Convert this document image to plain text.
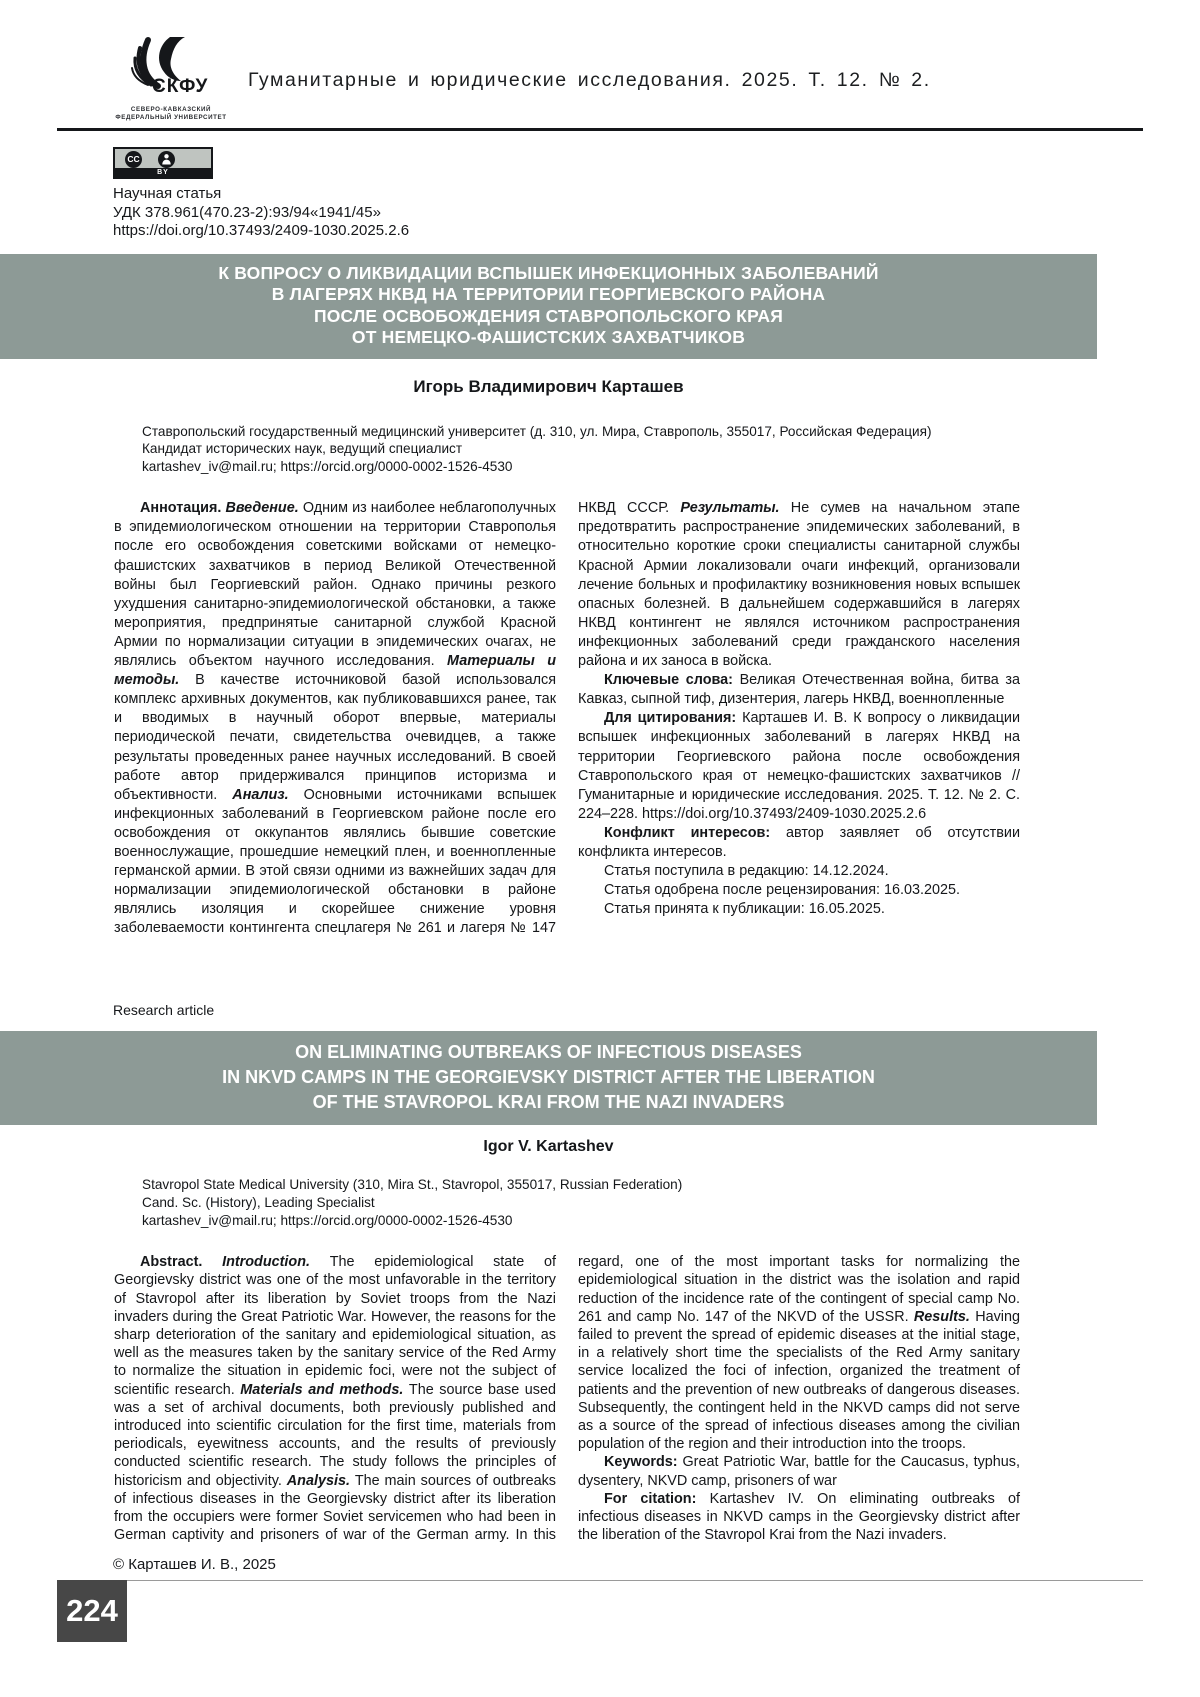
СКФУ
СЕВЕРО-КАВКАЗСКИЙ
ФЕДЕРАЛЬНЫЙ УНИВЕРСИТЕТ
Гуманитарные и юридические исследования. 2025. Т. 12. № 2.
CC
BY

Научная статья

УДК 378.961(470.23-2):93/94«1941/45»

https://doi.org/10.37493/2409-1030.2025.2.6

К ВОПРОСУ О ЛИКВИДАЦИИ ВСПЫШЕК ИНФЕКЦИОННЫХ ЗАБОЛЕВАНИЙ
В ЛАГЕРЯХ НКВД НА ТЕРРИТОРИИ ГЕОРГИЕВСКОГО РАЙОНА
ПОСЛЕ ОСВОБОЖДЕНИЯ СТАВРОПОЛЬСКОГО КРАЯ
ОТ НЕМЕЦКО-ФАШИСТСКИХ ЗАХВАТЧИКОВ
Игорь Владимирович Карташев

Ставропольский государственный медицинский университет (д. 310, ул. Мира, Ставрополь, 355017, Российская Федерация)

Кандидат исторических наук, ведущий специалист

kartashev_iv@mail.ru; https://orcid.org/0000-0002-1526-4530

Аннотация. Введение. Одним из наиболее неблагополучных в эпидемиологическом отношении на территории Ставрополья после его освобождения советскими войсками от немецко-фашистских захватчиков в период Великой Отечественной войны был Георгиевский район. Однако причины резкого ухудшения санитарно-эпидемиологической обстановки, а также мероприятия, предпринятые санитарной службой Красной Армии по нормализации ситуации в эпидемических очагах, не являлись объектом научного исследования. Материалы и методы. В качестве источниковой базой использовался комплекс архивных документов, как публиковавшихся ранее, так и вводимых в научный оборот впервые, материалы периодической печати, свидетельства очевидцев, а также результаты проведенных ранее научных исследований. В своей работе автор придерживался принципов историзма и объективности. Анализ. Основными источниками вспышек инфекционных заболеваний в Георгиевском районе после его освобождения от оккупантов являлись бывшие советские военнослужащие, прошедшие немецкий плен, и военнопленные германской армии. В этой связи одними из важнейших задач для нормализации эпидемиологической обстановки в районе являлись изоляция и скорейшее снижение уровня заболеваемости контингента спецлагеря № 261 и лагеря № 147 НКВД СССР. Результаты. Не сумев на начальном этапе предотвратить распространение эпидемических заболеваний, в относительно короткие сроки специалисты санитарной службы Красной Армии локализовали очаги инфекций, организовали лечение больных и профилактику возникновения новых вспышек опасных болезней. В дальнейшем содержавшийся в лагерях НКВД контингент не являлся источником распространения инфекционных заболеваний среди гражданского населения района и их заноса в войска.

Ключевые слова: Великая Отечественная война, битва за Кавказ, сыпной тиф, дизентерия, лагерь НКВД, военнопленные

Для цитирования: Карташев И. В. К вопросу о ликвидации вспышек инфекционных заболеваний в лагерях НКВД на территории Георгиевского района после освобождения Ставропольского края от немецко-фашистских захватчиков // Гуманитарные и юридические исследования. 2025. Т. 12. № 2. С. 224–228. https://doi.org/10.37493/2409-1030.2025.2.6

Конфликт интересов: автор заявляет об отсутствии конфликта интересов.

Статья поступила в редакцию: 14.12.2024.

Статья одобрена после рецензирования: 16.03.2025.

Статья принята к публикации: 16.05.2025.

Research article
ON ELIMINATING OUTBREAKS OF INFECTIOUS DISEASES
IN NKVD CAMPS IN THE GEORGIEVSKY DISTRICT AFTER THE LIBERATION
OF THE STAVROPOL KRAI FROM THE NAZI INVADERS
Igor V. Kartashev

Stavropol State Medical University (310, Mira St., Stavropol, 355017, Russian Federation)

Cand. Sc. (History), Leading Specialist

kartashev_iv@mail.ru; https://orcid.org/0000-0002-1526-4530

Abstract. Introduction. The epidemiological state of Georgievsky district was one of the most unfavorable in the territory of Stavropol after its liberation by Soviet troops from the Nazi invaders during the Great Patriotic War. However, the reasons for the sharp deterioration of the sanitary and epidemiological situation, as well as the measures taken by the sanitary service of the Red Army to normalize the situation in epidemic foci, were not the subject of scientific research. Materials and methods. The source base used was a set of archival documents, both previously published and introduced into scientific circulation for the first time, materials from periodicals, eyewitness accounts, and the results of previously conducted scientific research. The study follows the principles of historicism and objectivity. Analysis. The main sources of outbreaks of infectious diseases in the Georgievsky district after its liberation from the occupiers were former Soviet servicemen who had been in German captivity and prisoners of war of the German army. In this regard, one of the most important tasks for normalizing the epidemiological situation in the district was the isolation and rapid reduction of the incidence rate of the contingent of special camp No. 261 and camp No. 147 of the NKVD of the USSR. Results. Having failed to prevent the spread of epidemic diseases at the initial stage, in a relatively short time the specialists of the Red Army sanitary service localized the foci of infection, organized the treatment of patients and the prevention of new outbreaks of dangerous diseases. Subsequently, the contingent held in the NKVD camps did not serve as a source of the spread of infectious diseases among the civilian population of the region and their introduction into the troops.

Keywords: Great Patriotic War, battle for the Caucasus, typhus, dysentery, NKVD camp, prisoners of war

For citation: Kartashev IV. On eliminating outbreaks of infectious diseases in NKVD camps in the Georgievsky district after the liberation of the Stavropol Krai from the Nazi invaders.

© Карташев И. В., 2025
224
